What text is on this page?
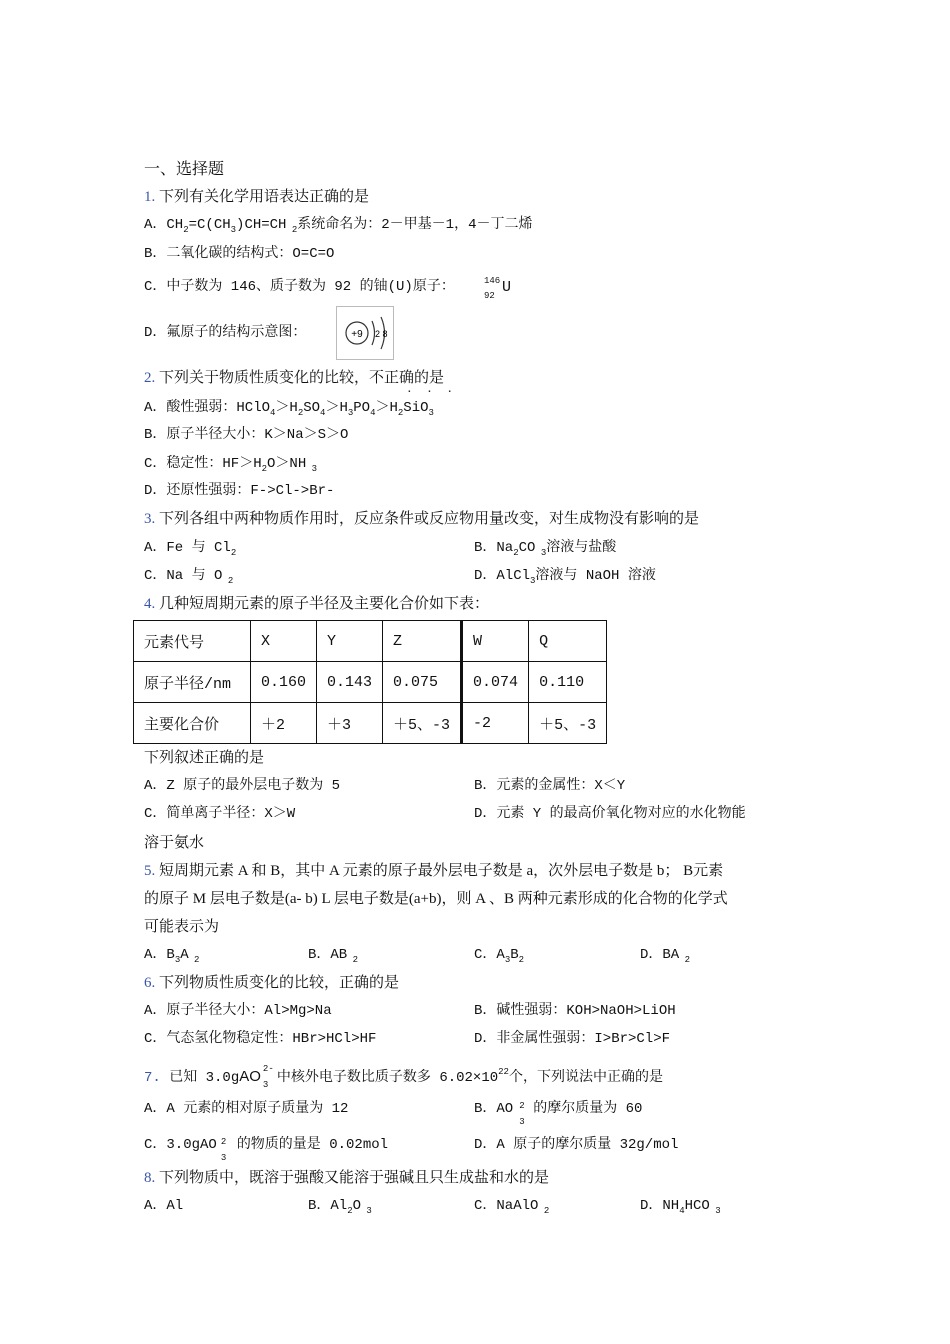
一、选择题
1. 下列有关化学用语表达正确的是
A．$CH_2=C(CH_3)CH=CH$ $_2$系统命名为：2－甲基－1，4－丁二烯
B．二氧化碳的结构式：O=C=O
C．中子数为 146、质子数为 92 的铀(U)原子：	146
92 U
D．氟原子的结构示意图：	+9 2 8
2. 下列关于物质性质变化的比较，不正确的是
· · ·
A．酸性强弱：$HClO_4>H_2SO_4>H_3PO_4>H_2SiO_3$
B．原子半径大小：K＞Na＞S＞O
C．稳定性：$HF>H_2O>NH$ $_3$
D．还原性强弱：F->Cl->Br-
3. 下列各组中两种物质作用时，反应条件或反应物用量改变，对生成物没有影响的是
A．Fe 与 $Cl_2$	B．$Na_2CO$ $_3$溶液与盐酸
C．Na 与 O $_2$	D．AlCl$_3$溶液与 NaOH 溶液
4. 几种短周期元素的原子半径及主要化合价如下表：
元素代号	X	Y	Z	W	Q
原子半径/nm	0.160	0.143	0.075	0.074	0.110
主要化合价	＋2	＋3	＋5、-3	-2	＋5、-3
下列叙述正确的是
A．Z 原子的最外层电子数为 5	B．元素的金属性：X＜Y
C．简单离子半径：X＞W	D．元素 Y 的最高价氧化物对应的水化物能
溶于氨水
5. 短周期元素 A 和 B，其中 A 元素的原子最外层电子数是 a，次外层电子数是 b； B元素
的原子 M 层电子数是(a- b) L 层电子数是(a+b)，则 A 、B 两种元素形成的化合物的化学式
可能表示为
A．$B_3A$ $_2$	B．AB $_2$	C．$A_3B_2$	D．BA $_2$
6. 下列物质性质变化的比较，正确的是
A．原子半径大小：Al>Mg>Na	B．碱性强弱：KOH>NaOH>LiOH
C．气态氢化物稳定性：HBr>HCl>HF	D．非金属性强弱：I>Br>Cl>F
7. 已知 3.0gAO 2-
3 中核外电子数比质子数多 $6.02\times 10^{22}$个，下列说法中正确的是
A．A 元素的相对原子质量为 12	B．AO 2
3
的摩尔质量为 60
C．3.0gAO 2
3
的物质的量是 0.02mol	D．A 原子的摩尔质量 32g/mol
8. 下列物质中，既溶于强酸又能溶于强碱且只生成盐和水的是
A．Al	B．$Al_2O$ $_3$	C．NaAlO $_2$	D．$NH_4HCO$ $_3$
